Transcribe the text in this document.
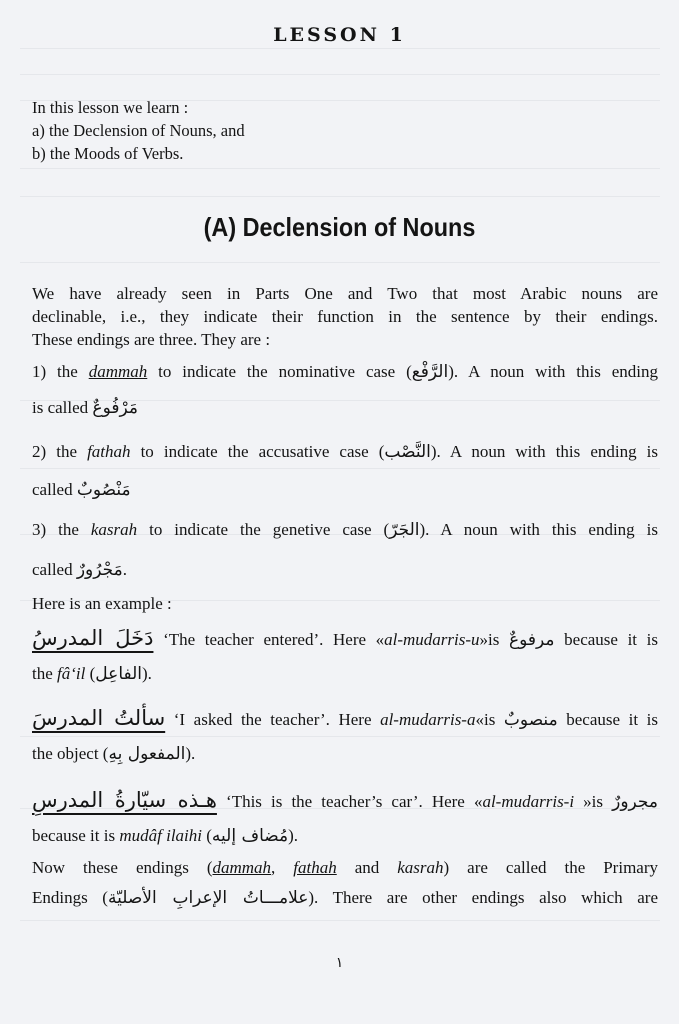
LESSON 1
In this lesson we learn :
a) the Declension of Nouns, and
b) the Moods of Verbs.
(A) Declension of Nouns
We have already seen in Parts One and Two that most Arabic nouns are
declinable, i.e., they indicate their function in the sentence by their endings.
These endings are three. They are :
1) the dammah to indicate the nominative case (الرَّفْع). A noun with this ending
is called مَرْفُوعٌ
2) the fathah to indicate the accusative case (النَّصْب). A noun with this ending is
called مَنْصُوبٌ
3) the kasrah to indicate the genetive case (الجَرّ). A noun with this ending is
called مَجْرُورٌ.
Here is an example :
دَخَلَ المدرسُ ‘The teacher entered’. Here «al-mudarris-u»is مرفوعٌ because it is
the fâ‘il (الفاعِل).
سألتُ المدرسَ ‘I asked the teacher’. Here al-mudarris-a«is منصوبٌ because it is
the object (المفعول بِهِ).
هـذه سيّارةُ المدرسِ ‘This is the teacher’s car’. Here «al-mudarris-i »is مجرورٌ
because it is mudâf ilaihi (مُضاف إليه).
Now these endings (dammah, fathah and kasrah) are called the Primary
Endings (علامـــاتُ الإعرابِ الأصليّة). There are other endings also which are
١
